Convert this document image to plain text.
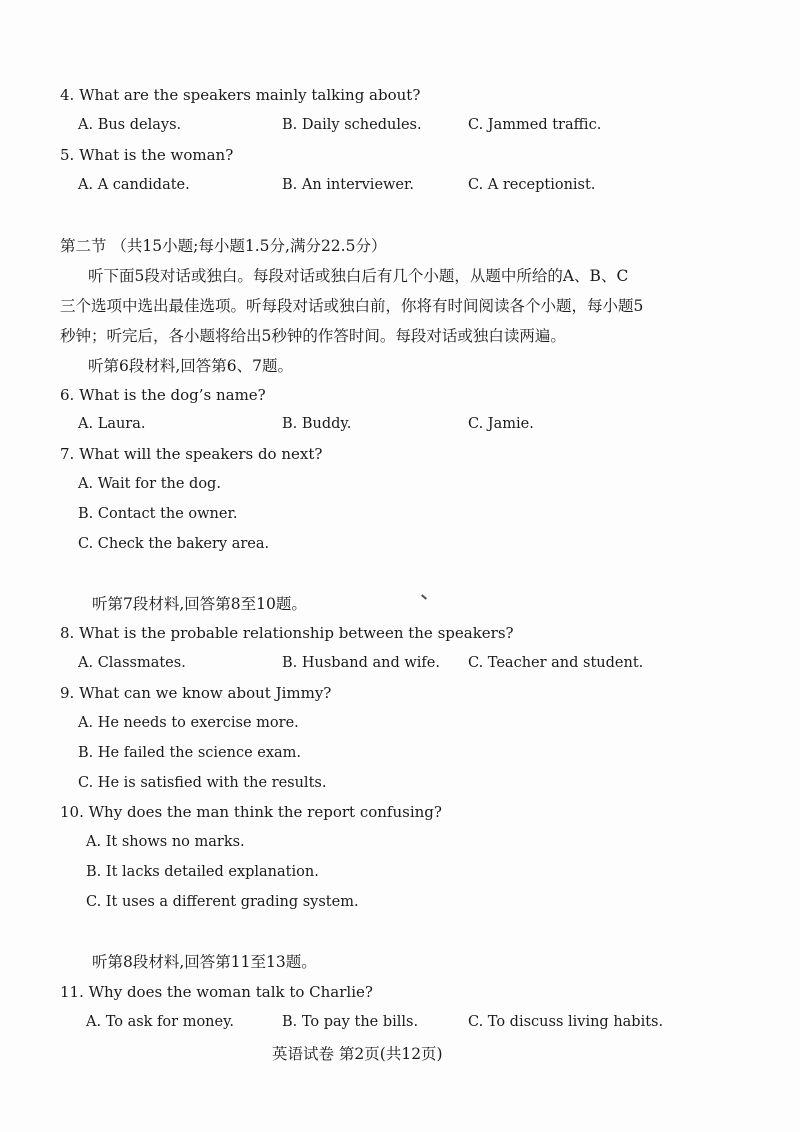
4. What are the speakers mainly talking about?
A. Bus delays.	B. Daily schedules.	C. Jammed traffic.
5. What is the woman?
A. A candidate.	B. An interviewer.	C. A receptionist.
第二节 （共15小题;每小题1.5分,满分22.5分）
听下面5段对话或独白。每段对话或独白后有几个小题，从题中所给的A、B、C
三个选项中选出最佳选项。听每段对话或独白前，你将有时间阅读各个小题，每小题5
秒钟；听完后，各小题将给出5秒钟的作答时间。每段对话或独白读两遍。
听第6段材料,回答第6、7题。
6. What is the dog’s name?
A. Laura.	B. Buddy.	C. Jamie.
7. What will the speakers do next?
A. Wait for the dog.
B. Contact the owner.
C. Check the bakery area.
听第7段材料,回答第8至10题。
8. What is the probable relationship between the speakers?
A. Classmates.	B. Husband and wife. C. Teacher and student.
9. What can we know about Jimmy?
A. He needs to exercise more.
B. He failed the science exam.
C. He is satisfied with the results.
10. Why does the man think the report confusing?
A. It shows no marks.
B. It lacks detailed explanation.
C. It uses a different grading system.
听第8段材料,回答第11至13题。
11. Why does the woman talk to Charlie?
A. To ask for money.	B. To pay the bills.	C. To discuss living habits.
英语试卷 第2页(共12页)
